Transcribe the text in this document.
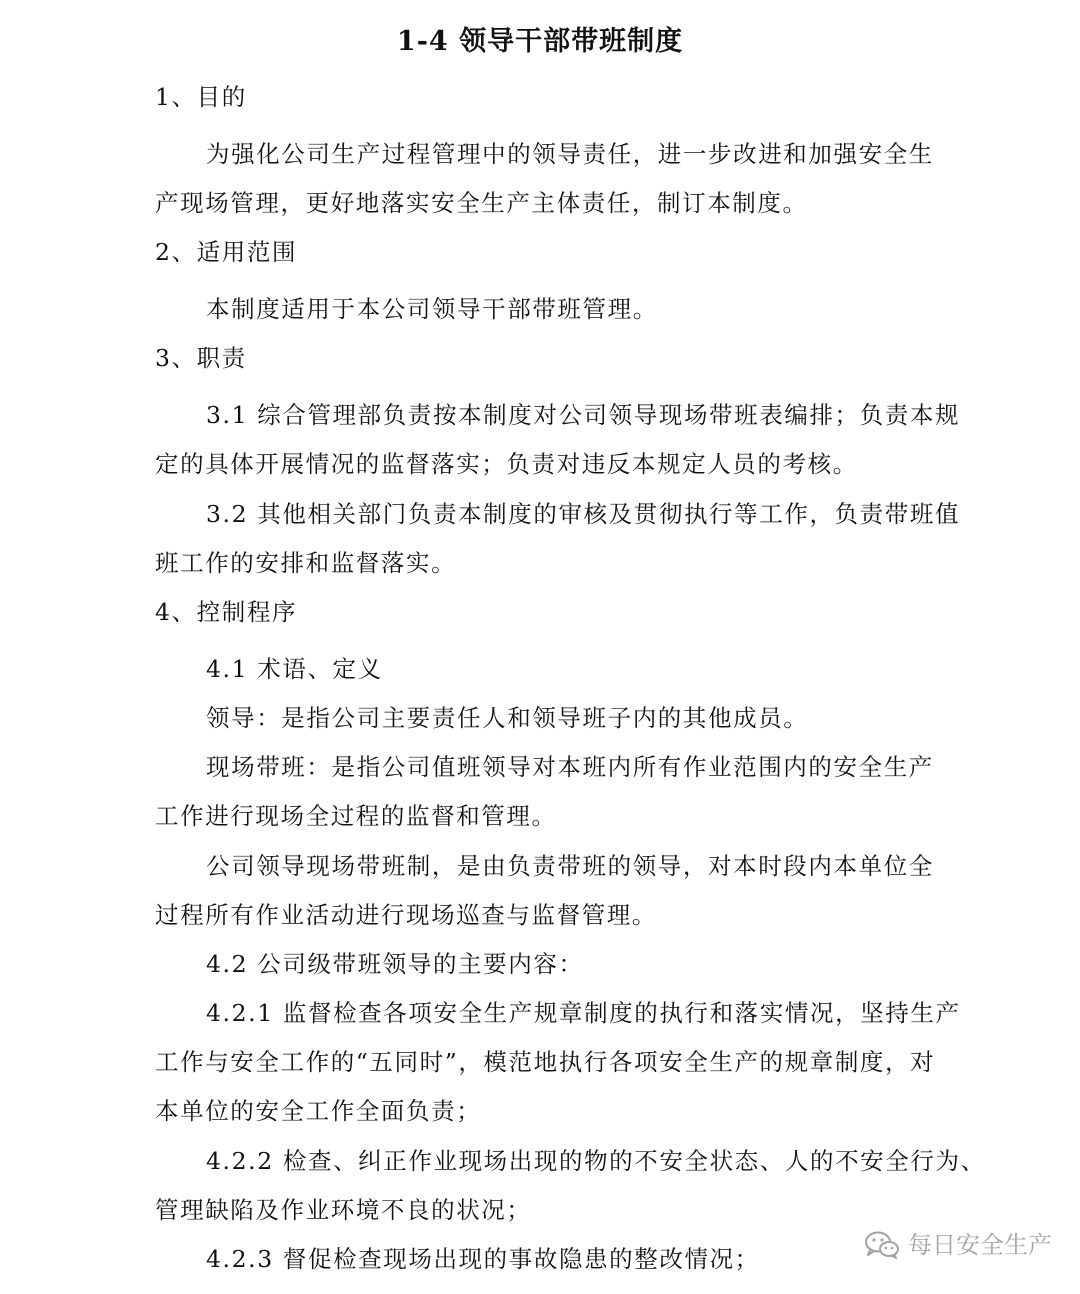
1-4 领导干部带班制度

1、目的

为强化公司生产过程管理中的领导责任，进一步改进和加强安全生

产现场管理，更好地落实安全生产主体责任，制订本制度。

2、适用范围

本制度适用于本公司领导干部带班管理。

3、职责

3.1 综合管理部负责按本制度对公司领导现场带班表编排；负责本规

定的具体开展情况的监督落实；负责对违反本规定人员的考核。

3.2 其他相关部门负责本制度的审核及贯彻执行等工作，负责带班值

班工作的安排和监督落实。

4、控制程序

4.1 术语、定义

领导：是指公司主要责任人和领导班子内的其他成员。

现场带班：是指公司值班领导对本班内所有作业范围内的安全生产

工作进行现场全过程的监督和管理。

公司领导现场带班制，是由负责带班的领导，对本时段内本单位全

过程所有作业活动进行现场巡查与监督管理。

4.2 公司级带班领导的主要内容：

4.2.1 监督检查各项安全生产规章制度的执行和落实情况，坚持生产

工作与安全工作的“五同时”，模范地执行各项安全生产的规章制度，对

本单位的安全工作全面负责；

4.2.2 检查、纠正作业现场出现的物的不安全状态、人的不安全行为、

管理缺陷及作业环境不良的状况；

4.2.3 督促检查现场出现的事故隐患的整改情况；	每日安全生产
